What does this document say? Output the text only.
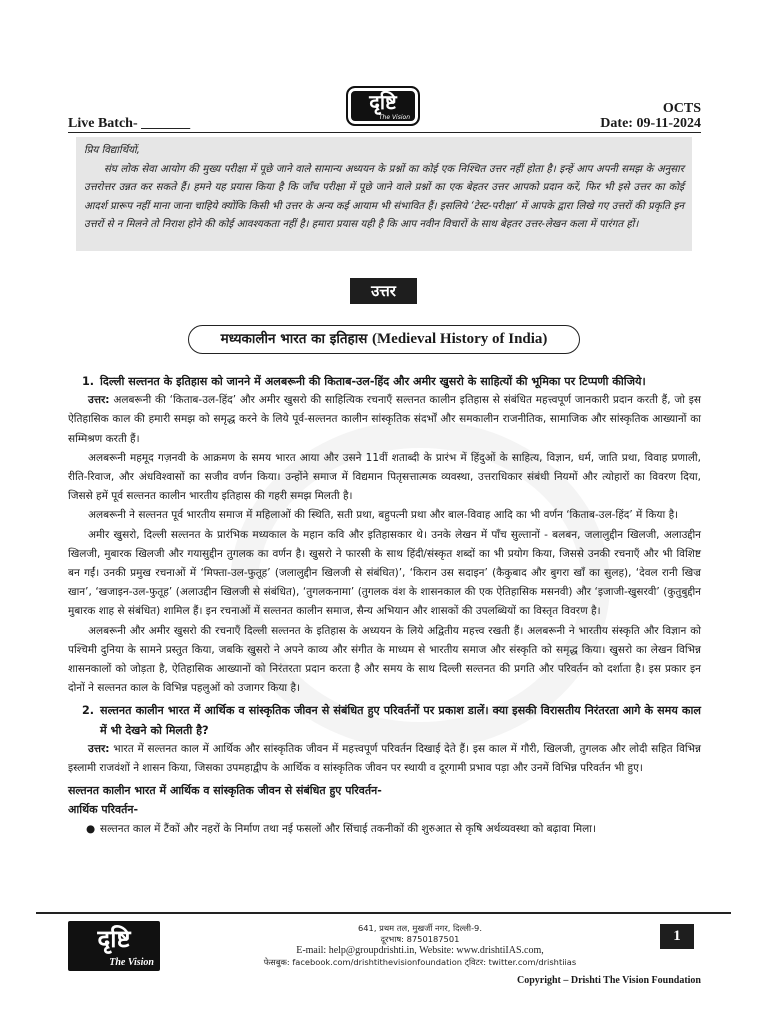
दृष्टि
The Vision
Live Batch- _______
OCTS
Date: 09-11-2024
प्रिय विद्यार्थियों,
संघ लोक सेवा आयोग की मुख्य परीक्षा में पूछे जाने वाले सामान्य अध्ययन के प्रश्नों का कोई एक निश्चित उत्तर नहीं होता है। इन्हें आप अपनी समझ के अनुसार उत्तरोत्तर उन्नत कर सकते हैं। हमने यह प्रयास किया है कि जाँच परीक्षा में पूछे जाने वाले प्रश्नों का एक बेहतर उत्तर आपको प्रदान करें, फिर भी इसे उत्तर का कोई आदर्श प्रारूप नहीं माना जाना चाहिये क्योंकि किसी भी उत्तर के अन्य कई आयाम भी संभावित हैं। इसलिये ‘टेस्ट-परीक्षा’ में आपके द्वारा लिखे गए उत्तरों की प्रकृति इन उत्तरों से न मिलने तो निराश होने की कोई आवश्यकता नहीं है। हमारा प्रयास यही है कि आप नवीन विचारों के साथ बेहतर उत्तर-लेखन कला में पारंगत हों।
उत्तर
मध्यकालीन भारत का इतिहास (Medieval History of India)

1. दिल्ली सल्तनत के इतिहास को जानने में अलबरूनी की किताब-उल-हिंद और अमीर खुसरो के साहित्यों की भूमिका पर टिप्पणी कीजिये।

उत्तर: अलबरूनी की ‘किताब-उल-हिंद’ और अमीर खुसरो की साहित्यिक रचनाएँ सल्तनत कालीन इतिहास से संबंधित महत्त्वपूर्ण जानकारी प्रदान करती हैं, जो इस ऐतिहासिक काल की हमारी समझ को समृद्ध करने के लिये पूर्व-सल्तनत कालीन सांस्कृतिक संदर्भों और समकालीन राजनीतिक, सामाजिक और सांस्कृतिक आख्यानों का सम्मिश्रण करती हैं।

अलबरूनी महमूद गज़नवी के आक्रमण के समय भारत आया और उसने 11वीं शताब्दी के प्रारंभ में हिंदुओं के साहित्य, विज्ञान, धर्म, जाति प्रथा, विवाह प्रणाली, रीति-रिवाज, और अंधविश्वासों का सजीव वर्णन किया। उन्होंने समाज में विद्यमान पितृसत्तात्मक व्यवस्था, उत्तराधिकार संबंधी नियमों और त्योहारों का विवरण दिया, जिससे हमें पूर्व सल्तनत कालीन भारतीय इतिहास की गहरी समझ मिलती है।

अलबरूनी ने सल्तनत पूर्व भारतीय समाज में महिलाओं की स्थिति, सती प्रथा, बहुपत्नी प्रथा और बाल-विवाह आदि का भी वर्णन ‘किताब-उल-हिंद’ में किया है।

अमीर खुसरो, दिल्ली सल्तनत के प्रारंभिक मध्यकाल के महान कवि और इतिहासकार थे। उनके लेखन में पाँच सुल्तानों - बलबन, जलालुद्दीन खिलजी, अलाउद्दीन खिलजी, मुबारक खिलजी और गयासुद्दीन तुगलक का वर्णन है। खुसरो ने फारसी के साथ हिंदी/संस्कृत शब्दों का भी प्रयोग किया, जिससे उनकी रचनाएँ और भी विशिष्ट बन गईं। उनकी प्रमुख रचनाओं में ‘मिफ्ता-उल-फुतूह’ (जलालुद्दीन खिलजी से संबंधित)’, ‘किरान उस सदाइन’ (कैकुबाद और बुगरा खाँ का सुलह), ‘देवल रानी खिज्र खान’, ‘खजाइन-उल-फुतूह’ (अलाउद्दीन खिलजी से संबंधित), ‘तुगलकनामा’ (तुगलक वंश के शासनकाल की एक ऐतिहासिक मसनवी) और ‘इजाजी-खुसरवी’ (कुतुबुद्दीन मुबारक शाह से संबंधित) शामिल हैं। इन रचनाओं में सल्तनत कालीन समाज, सैन्य अभियान और शासकों की उपलब्धियों का विस्तृत विवरण है।

अलबरूनी और अमीर खुसरो की रचनाएँ दिल्ली सल्तनत के इतिहास के अध्ययन के लिये अद्वितीय महत्त्व रखती हैं। अलबरूनी ने भारतीय संस्कृति और विज्ञान को पश्चिमी दुनिया के सामने प्रस्तुत किया, जबकि खुसरो ने अपने काव्य और संगीत के माध्यम से भारतीय समाज और संस्कृति को समृद्ध किया। खुसरो का लेखन विभिन्न शासनकालों को जोड़ता है, ऐतिहासिक आख्यानों को निरंतरता प्रदान करता है और समय के साथ दिल्ली सल्तनत की प्रगति और परिवर्तन को दर्शाता है। इस प्रकार इन दोनों ने सल्तनत काल के विभिन्न पहलुओं को उजागर किया है।

2. सल्तनत कालीन भारत में आर्थिक व सांस्कृतिक जीवन से संबंधित हुए परिवर्तनों पर प्रकाश डालें। क्या इसकी विरासतीय निरंतरता आगे के समय काल में भी देखने को मिलती है?

उत्तर: भारत में सल्तनत काल में आर्थिक और सांस्कृतिक जीवन में महत्त्वपूर्ण परिवर्तन दिखाई देते हैं। इस काल में गौरी, खिलजी, तुगलक और लोदी सहित विभिन्न इस्लामी राजवंशों ने शासन किया, जिसका उपमहाद्वीप के आर्थिक व सांस्कृतिक जीवन पर स्थायी व दूरगामी प्रभाव पड़ा और उनमें विभिन्न परिवर्तन भी हुए।

सल्तनत कालीन भारत में आर्थिक व सांस्कृतिक जीवन से संबंधित हुए परिवर्तन-

आर्थिक परिवर्तन-

● सल्तनत काल में टैंकों और नहरों के निर्माण तथा नई फसलों और सिंचाई तकनीकों की शुरुआत से कृषि अर्थव्यवस्था को बढ़ावा मिला।

दृष्टि
The Vision
641, प्रथम तल, मुखर्जी नगर, दिल्ली-9.
दूरभाष: 8750187501
E-mail: help@groupdrishti.in, Website: www.drishtiIAS.com,
फेसबुक: facebook.com/drishtithevisionfoundation ट्विटर: twitter.com/drishtiias
1
Copyright – Drishti The Vision Foundation
